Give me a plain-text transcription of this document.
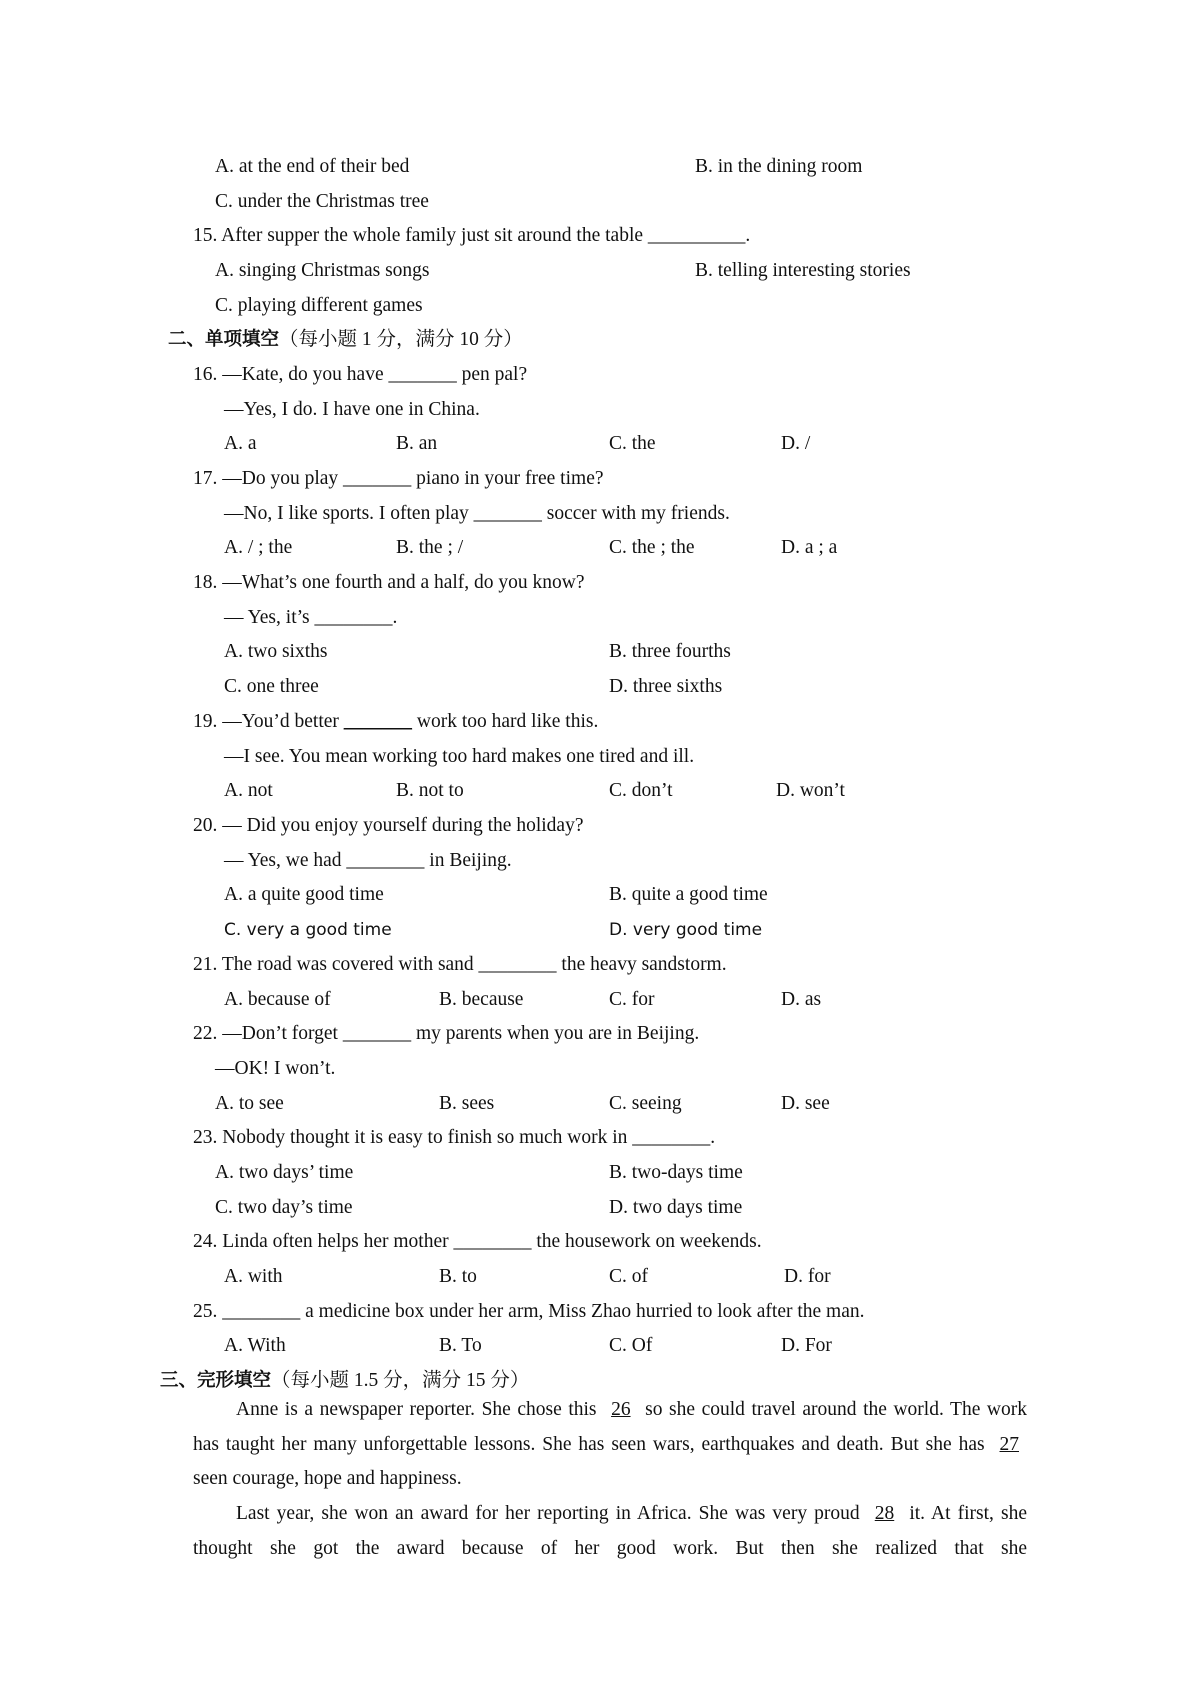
A. at the end of their bed	B. in the dining room
C. under the Christmas tree
15. After supper the whole family just sit around the table __________.
A. singing Christmas songs	B. telling interesting stories
C. playing different games
二、单项填空（每小题 1 分，满分 10 分）
16. —Kate, do you have _______ pen pal?
—Yes, I do. I have one in China.
A. a	B. an	C. the	D. /
17. —Do you play _______ piano in your free time?
—No, I like sports. I often play _______ soccer with my friends.
A. / ; the	B. the ; /	C. the ; the	D. a ; a
18. —What’s one fourth and a half, do you know?
— Yes, it’s ________.
A. two sixths	B. three fourths
C. one three	D. three sixths
19. —You’d better _______ work too hard like this.
—I see. You mean working too hard makes one tired and ill.
A. not	B. not to	C. don’t	D. won’t
20. — Did you enjoy yourself during the holiday?
— Yes, we had ________ in Beijing.
A. a quite good time	B. quite a good time
C. very a good time	D. very good time
21. The road was covered with sand ________ the heavy sandstorm.
A. because of	B. because	C. for	D. as
22. —Don’t forget _______ my parents when you are in Beijing.
—OK! I won’t.
A. to see	B. sees	C. seeing	D. see
23. Nobody thought it is easy to finish so much work in ________.
A. two days’ time	B. two-days time
C. two day’s time	D. two days time
24. Linda often helps her mother ________ the housework on weekends.
A. with	B. to	C. of	D. for
25. ________ a medicine box under her arm, Miss Zhao hurried to look after the man.
A. With	B. To	C. Of	D. For
三、完形填空（每小题 1.5 分，满分 15 分）
Anne is a newspaper reporter. She chose this 26 so she could travel around the world. The work has taught her many unforgettable lessons. She has seen wars, earthquakes and death. But she has 27 seen courage, hope and happiness.
Last year, she won an award for her reporting in Africa. She was very proud 28 it. At first, she thought she got the award because of her good work. But then she realized that she
